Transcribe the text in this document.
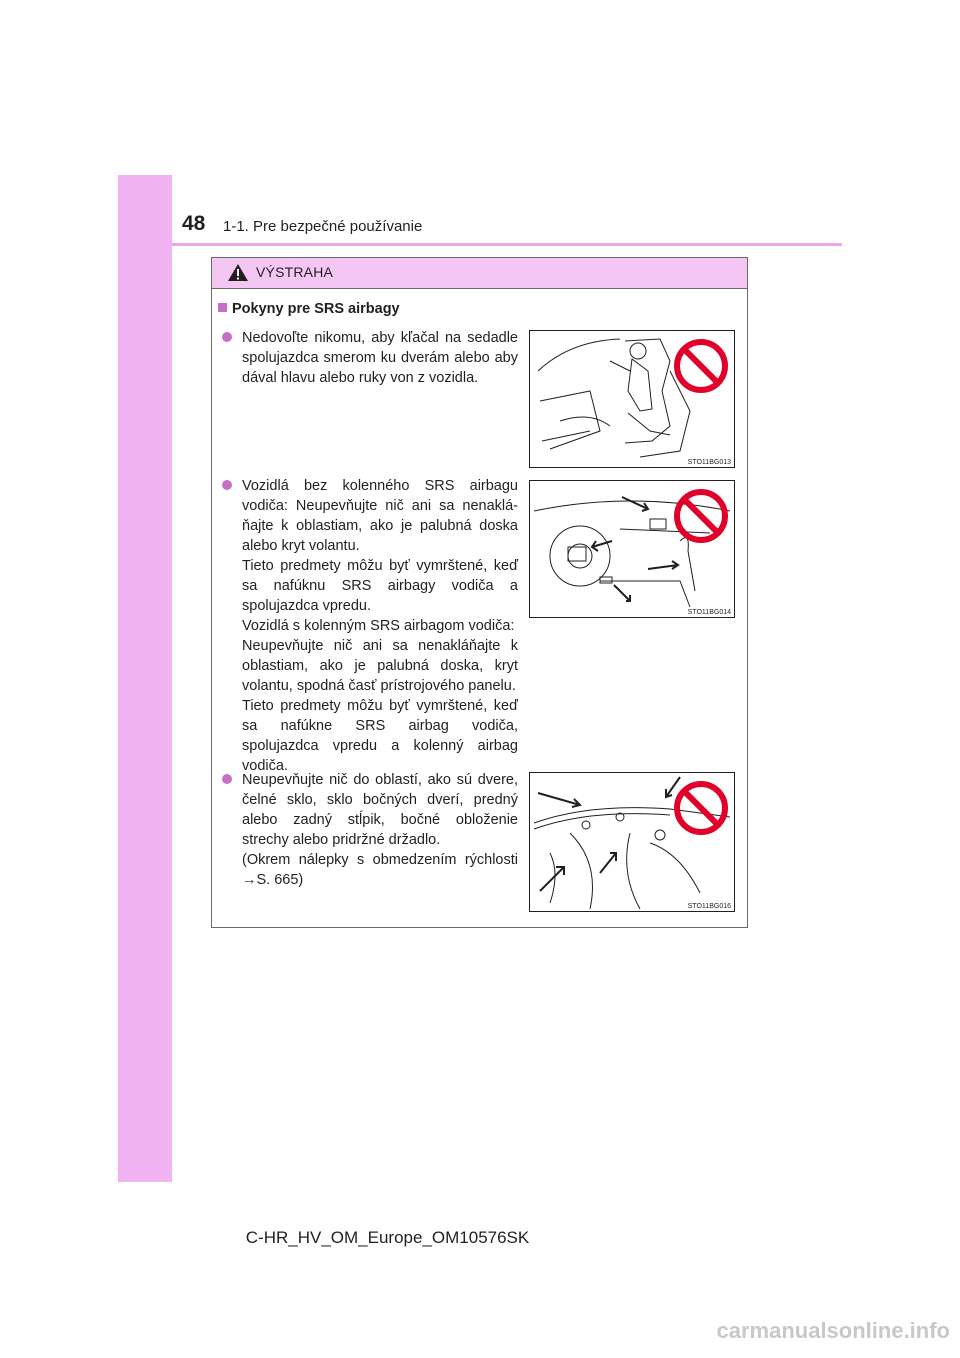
48 1-1. Pre bezpečné používanie
VÝSTRAHA
Pokyny pre SRS airbagy
Nedovoľte nikomu, aby kľačal na sedadle spolujazdca smerom ku dverám alebo aby dával hlavu alebo ruky von z vozidla.
STO11BG013
Vozidlá bez kolenného SRS airbagu vodiča: Neupevňujte nič ani sa nenaklá- ňajte k oblastiam, ako je palubná doska alebo kryt volantu.
Tieto predmety môžu byť vymrštené, keď sa nafúknu SRS airbagy vodiča a spolujazdca vpredu.
Vozidlá s kolenným SRS airbagom vodiča:
Neupevňujte nič ani sa nenakláňajte k oblastiam, ako je palubná doska, kryt volantu, spodná časť prístrojového panelu.
Tieto predmety môžu byť vymrštené, keď sa nafúkne SRS airbag vodiča, spolujazdca vpredu a kolenný airbag vodiča.
STO11BG014
Neupevňujte nič do oblastí, ako sú dvere, čelné sklo, sklo bočných dverí, predný alebo zadný stĺpik, bočné obloženie strechy alebo pridržné držadlo.
(Okrem nálepky s obmedzením rýchlosti →S. 665)
STO11BG016
C-HR_HV_OM_Europe_OM10576SK
carmanualsonline.info
